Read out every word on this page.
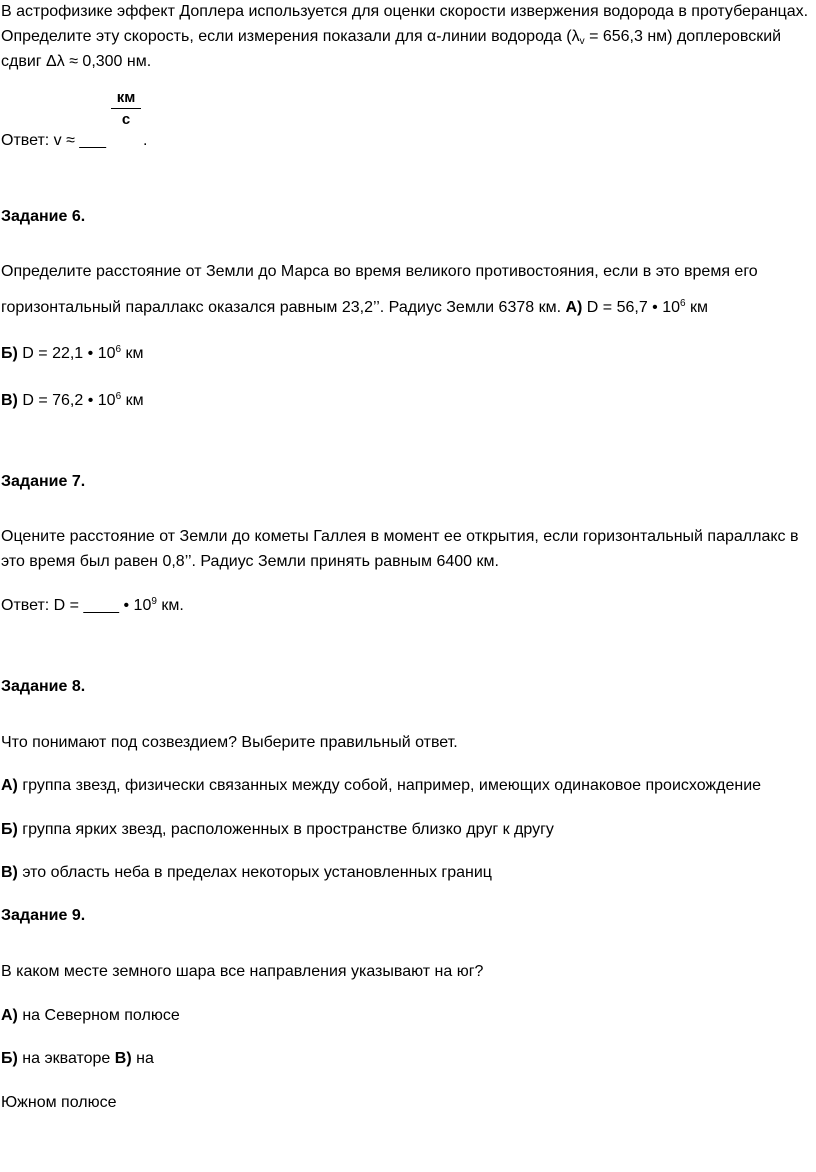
В астрофизике эффект Доплера используется для оценки скорости извержения водорода в протуберанцах.
Определите эту скорость, если измерения показали для α-линии водорода ($\lambda_v = 656,3$ нм) доплеровский
сдвиг Δλ ≈ 0,300 нм.
км
с
Ответ: v ≈ ___ .
Задание 6.
Определите расстояние от Земли до Марса во время великого противостояния, если в это время его
горизонтальный параллакс оказался равным 23,2’’. Радиус Земли 6378 км. А) D = 56,7 • $10^6$ км
Б) D = 22,1 • $10^6$ км
В) D = 76,2 • $10^6$ км
Задание 7.
Оцените расстояние от Земли до кометы Галлея в момент ее открытия, если горизонтальный параллакс в
это время был равен 0,8’’. Радиус Земли принять равным 6400 км.
Ответ: D = ____ • $10^9$ км.
Задание 8.
Что понимают под созвездием? Выберите правильный ответ.
А) группа звезд, физически связанных между собой, например, имеющих одинаковое происхождение
Б) группа ярких звезд, расположенных в пространстве близко друг к другу
В) это область неба в пределах некоторых установленных границ
Задание 9.
В каком месте земного шара все направления указывают на юг?
А) на Северном полюсе
Б) на экваторе В) на
Южном полюсе
